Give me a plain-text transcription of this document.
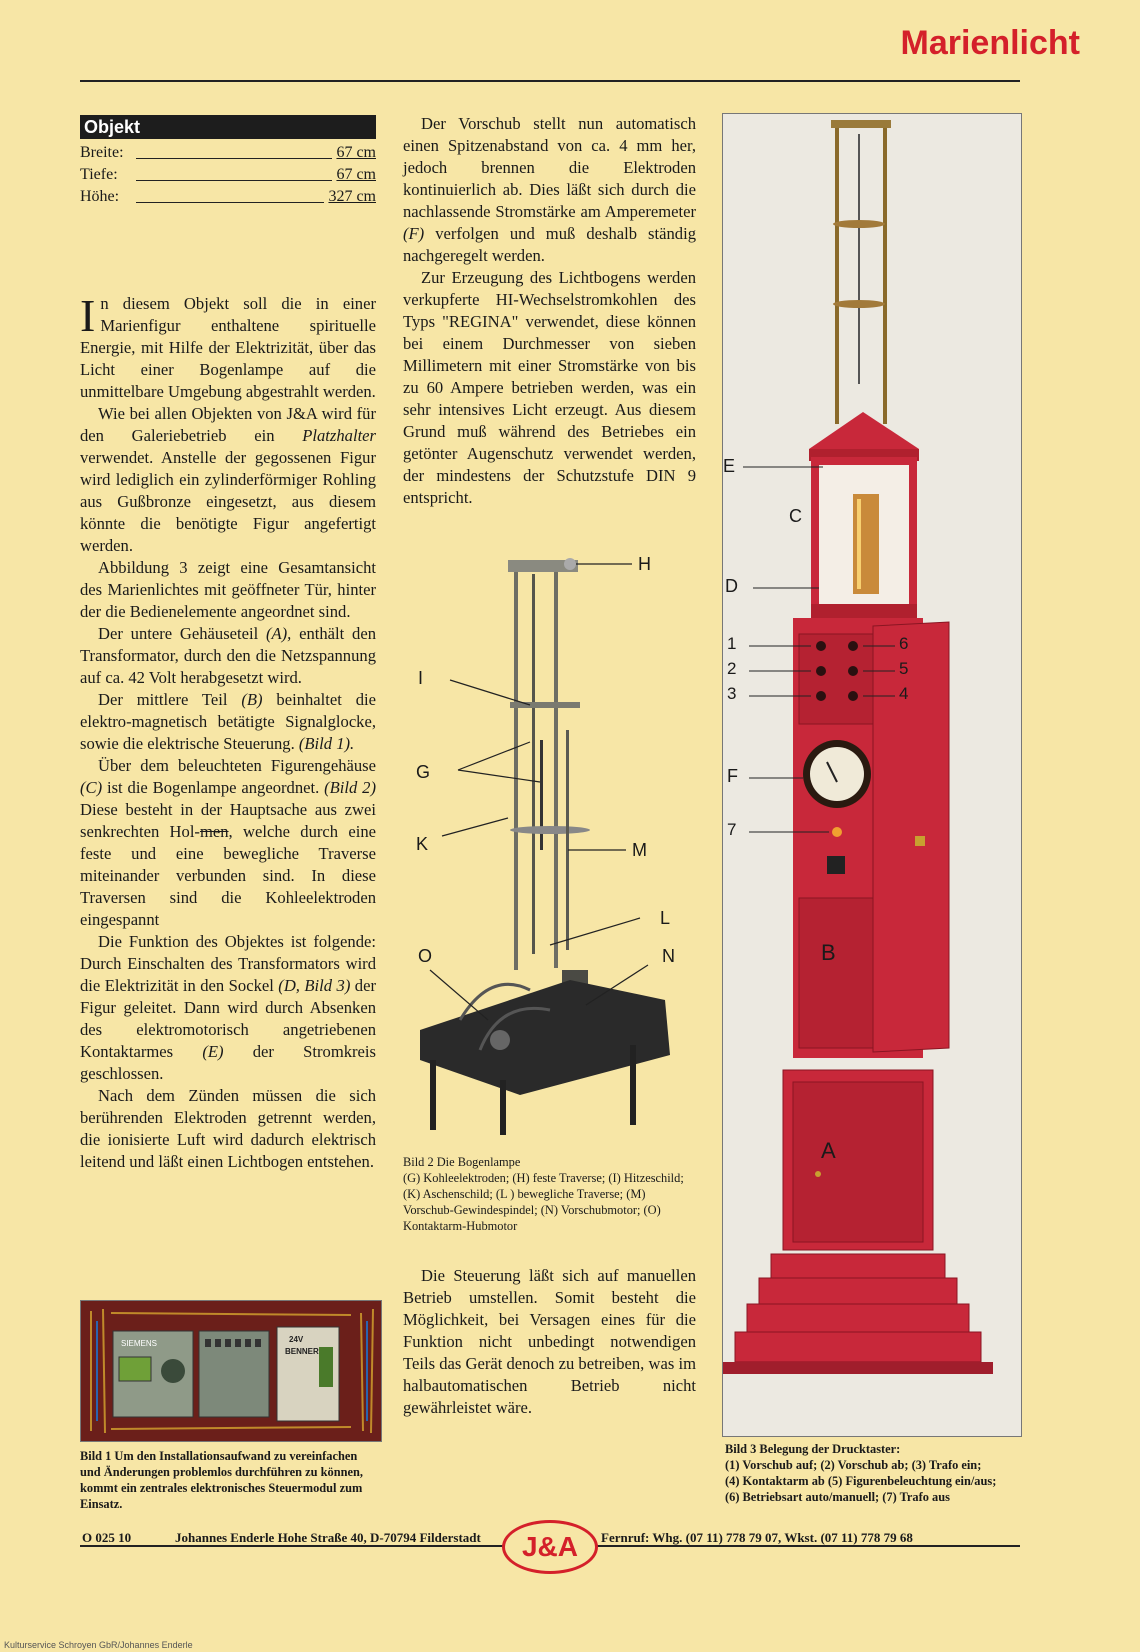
Marienlicht
Objekt
Breite:	67 cm
Tiefe:	67 cm
Höhe:	327 cm

In diesem Objekt soll die in einer Marienfigur enthaltene spirituelle Energie, mit Hilfe der Elektrizität, über das Licht einer Bogenlampe auf die unmittelbare Umgebung abgestrahlt werden.

Wie bei allen Objekten von J&A wird für den Galeriebetrieb ein Platzhalter verwendet. Anstelle der gegossenen Figur wird lediglich ein zylinderförmiger Rohling aus Gußbronze eingesetzt, aus diesem könnte die benötigte Figur angefertigt werden.

Abbildung 3 zeigt eine Gesamtansicht des Marienlichtes mit geöffneter Tür, hinter der die Bedienelemente angeordnet sind.

Der untere Gehäuseteil (A), enthält den Transformator, durch den die Netzspannung auf ca. 42 Volt herabgesetzt wird.

Der mittlere Teil (B) beinhaltet die elektro-magnetisch betätigte Signalglocke, sowie die elektrische Steuerung. (Bild 1).

Über dem beleuchteten Figurengehäuse (C) ist die Bogenlampe angeordnet. (Bild 2) Diese besteht in der Hauptsache aus zwei senkrechten Hol-men, welche durch eine feste und eine bewegliche Traverse miteinander verbunden sind. In diese Traversen sind die Kohleelektroden eingespannt

Die Funktion des Objektes ist folgende: Durch Einschalten des Transformators wird die Elektrizität in den Sockel (D, Bild 3) der Figur geleitet. Dann wird durch Absenken des elektromotorisch angetriebenen Kontaktarmes (E) der Stromkreis geschlossen.

Nach dem Zünden müssen die sich berührenden Elektroden getrennt werden, die ionisierte Luft wird dadurch elektrisch leitend und läßt einen Lichtbogen entstehen.

SIEMENS	24V
BENNER
Bild 1 Um den Installationsaufwand zu vereinfachen und Änderungen problemlos durchführen zu können, kommt ein zentrales elektronisches Steuermodul zum Einsatz.

Der Vorschub stellt nun automatisch einen Spitzenabstand von ca. 4 mm her, jedoch brennen die Elektroden kontinuierlich ab. Dies läßt sich durch die nachlassende Stromstärke am Amperemeter (F) verfolgen und muß deshalb ständig nachgeregelt werden.

Zur Erzeugung des Lichtbogens werden verkupferte HI-Wechselstromkohlen des Typs "REGINA" verwendet, diese können bei einem Durchmesser von sieben Millimetern mit einer Stromstärke von bis zu 60 Ampere betrieben werden, was ein sehr intensives Licht erzeugt. Aus diesem Grund muß während des Betriebes ein getönter Augenschutz verwendet werden, der mindestens der Schutzstufe DIN 9 entspricht.

H
I
G
K	M
L
O	N
Bild 2 Die Bogenlampe
(G) Kohleelektroden; (H) feste Traverse; (I) Hitzeschild; (K) Aschenschild; (L ) bewegliche Traverse; (M) Vorschub-Gewindespindel; (N) Vorschubmotor; (O) Kontaktarm-Hubmotor

Die Steuerung läßt sich auf manuellen Betrieb umstellen. Somit besteht die Möglichkeit, bei Versagen eines für die Funktion nicht unbedingt notwendigen Teils das Gerät denoch zu betreiben, was im halbautomatischen Betrieb nicht gewährleistet wäre.

E
C
D
1
2
3
6
5
4
F
7
B
A
Bild 3 Belegung der Drucktaster:
(1) Vorschub auf; (2) Vorschub ab; (3) Trafo ein;
(4) Kontaktarm ab (5) Figurenbeleuchtung ein/aus;
(6) Betriebsart auto/manuell; (7) Trafo aus
J&A
O 025 10	Johannes Enderle Hohe Straße 40, D-70794 Filderstadt	Fernruf: Whg. (07 11) 778 79 07, Wkst. (07 11) 778 79 68
Kulturservice Schroyen GbR/Johannes Enderle
